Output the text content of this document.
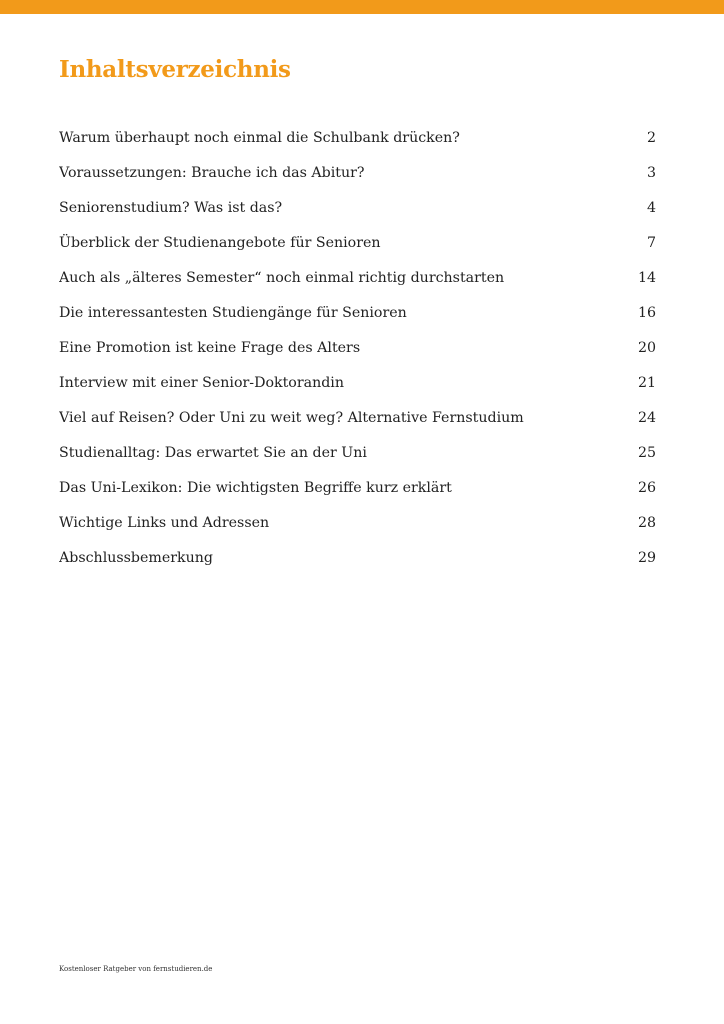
Inhaltsverzeichnis
Warum überhaupt noch einmal die Schulbank drücken?	2
Voraussetzungen: Brauche ich das Abitur?	3
Seniorenstudium? Was ist das?	4
Überblick der Studienangebote für Senioren	7
Auch als „älteres Semester“ noch einmal richtig durchstarten	14
Die interessantesten Studiengänge für Senioren	16
Eine Promotion ist keine Frage des Alters	20
Interview mit einer Senior-Doktorandin	21
Viel auf Reisen? Oder Uni zu weit weg? Alternative Fernstudium	24
Studienalltag: Das erwartet Sie an der Uni	25
Das Uni-Lexikon: Die wichtigsten Begriffe kurz erklärt	26
Wichtige Links und Adressen	28
Abschlussbemerkung	29
Kostenloser Ratgeber von fernstudieren.de
